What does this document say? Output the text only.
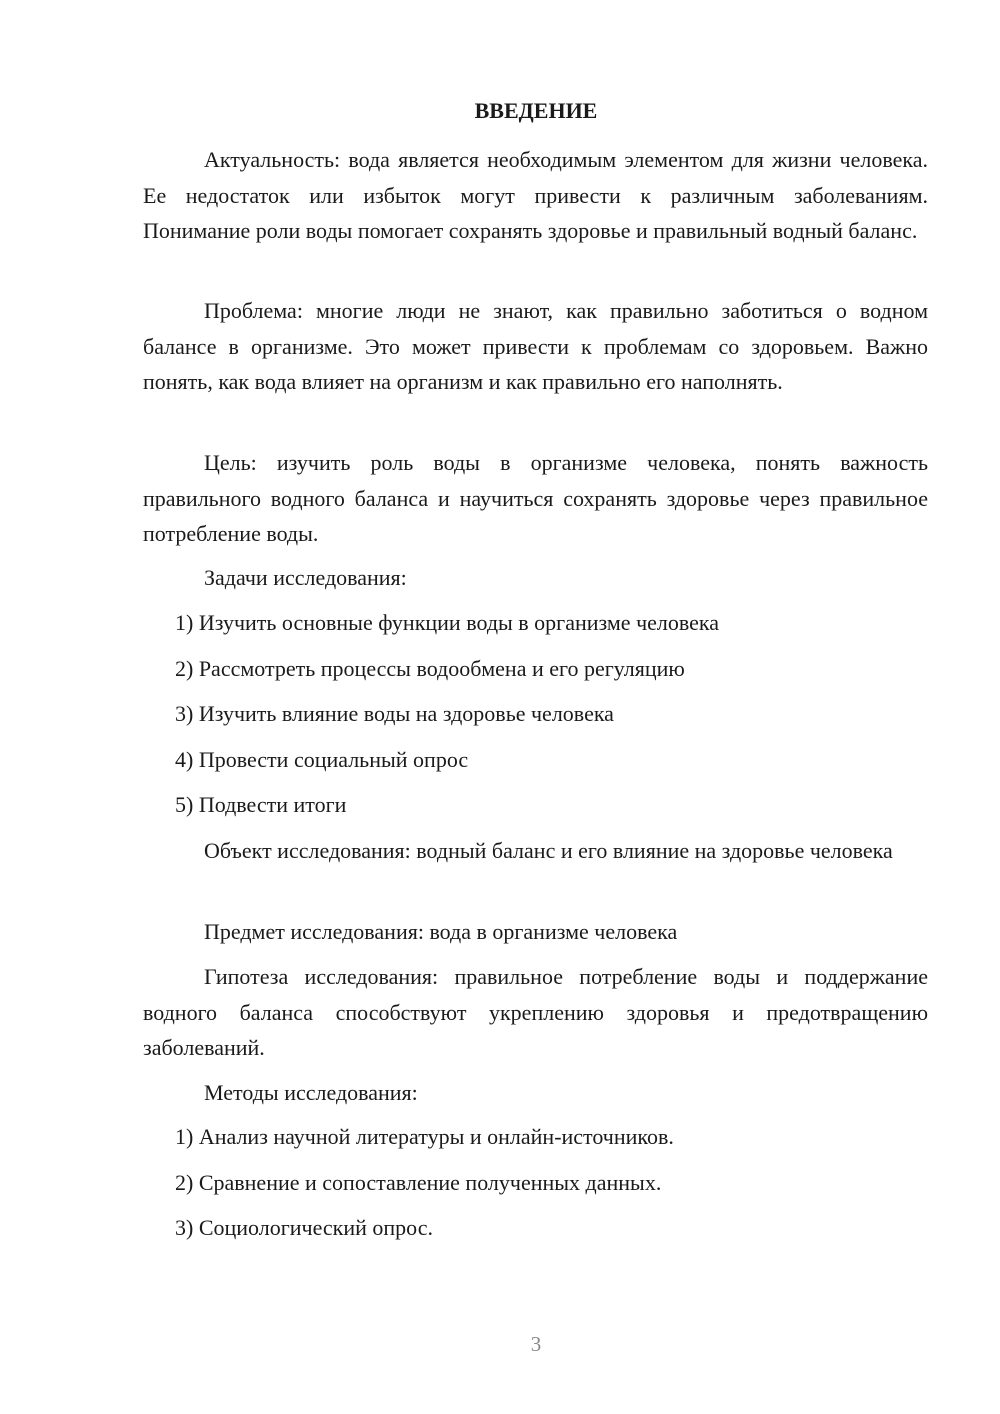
ВВЕДЕНИЕ

Актуальность: вода является необходимым элементом для жизни человека. Ее недостаток или избыток могут привести к различным заболеваниям. Понимание роли воды помогает сохранять здоровье и правильный водный баланс.

Проблема: многие люди не знают, как правильно заботиться о водном балансе в организме. Это может привести к проблемам со здоровьем. Важно понять, как вода влияет на организм и как правильно его наполнять.

Цель: изучить роль воды в организме человека, понять важность правильного водного баланса и научиться сохранять здоровье через правильное потребление воды.

Задачи исследования:

1) Изучить основные функции воды в организме человека

2) Рассмотреть процессы водообмена и его регуляцию

3) Изучить влияние воды на здоровье человека

4) Провести социальный опрос

5) Подвести итоги

Объект исследования: водный баланс и его влияние на здоровье человека

Предмет исследования: вода в организме человека

Гипотеза исследования: правильное потребление воды и поддержание водного баланса способствуют укреплению здоровья и предотвращению заболеваний.

Методы исследования:

1) Анализ научной литературы и онлайн-источников.

2) Сравнение и сопоставление полученных данных.

3) Социологический опрос.

3
